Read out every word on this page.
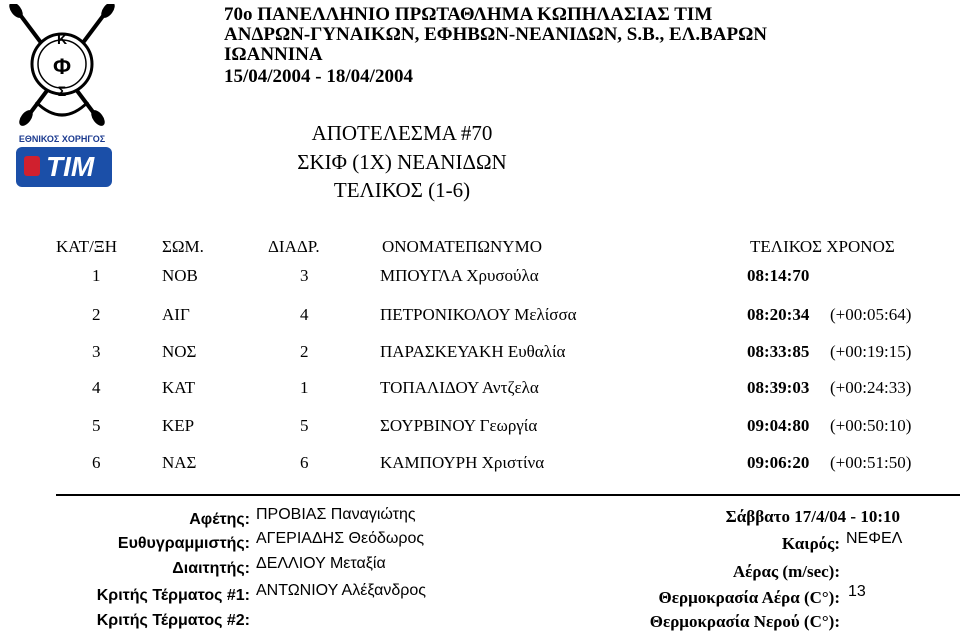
Κ
Φ
Σ
ΕΘΝΙΚΟΣ ΧΟΡΗΓΟΣ
TIM
70o ΠΑΝΕΛΛΗΝΙΟ ΠΡΩΤΑΘΛΗΜΑ ΚΩΠΗΛΑΣΙΑΣ ΤΙΜ
ΑΝΔΡΩΝ-ΓΥΝΑΙΚΩΝ, ΕΦΗΒΩΝ-ΝΕΑΝΙΔΩΝ, S.B., ΕΛ.ΒΑΡΩΝ
ΙΩΑΝΝΙΝΑ
15/04/2004 - 18/04/2004
ΑΠΟΤΕΛΕΣΜΑ #70
ΣΚΙΦ (1Χ) ΝΕΑΝΙΔΩΝ
ΤΕΛΙΚΟΣ (1-6)
ΚΑΤ/ΞΗ	ΣΩΜ.	ΔΙΑΔΡ.	ΟΝΟΜΑΤΕΠΩΝΥΜΟ	ΤΕΛΙΚΟΣ ΧΡΟΝΟΣ
1	ΝΟΒ	3	ΜΠΟΥΓΛΑ Χρυσούλα	08:14:70
2	ΑΙΓ	4	ΠΕΤΡΟΝΙΚΟΛΟΥ Μελίσσα	08:20:34 (+00:05:64)
3	ΝΟΣ	2	ΠΑΡΑΣΚΕΥΑΚΗ Ευθαλία	08:33:85 (+00:19:15)
4	ΚΑΤ	1	ΤΟΠΑΛΙΔΟΥ Αντζελα	08:39:03 (+00:24:33)
5	ΚΕΡ	5	ΣΟΥΡΒΙΝΟΥ Γεωργία	09:04:80 (+00:50:10)
6	ΝΑΣ	6	ΚΑΜΠΟΥΡΗ Χριστίνα	09:06:20 (+00:51:50)
Αφέτης: ΠΡΟΒΙΑΣ Παναγιώτης
Ευθυγραμμιστής: ΑΓΕΡΙΑΔΗΣ Θεόδωρος
Διαιτητής: ΔΕΛΛΙΟΥ Μεταξία
Κριτής Τέρματος #1: ΑΝΤΩΝΙΟΥ Αλέξανδρος
Κριτής Τέρματος #2:
Σάββατο 17/4/04 - 10:10
Καιρός: ΝΕΦΕΛ
Αέρας (m/sec):
Θερμοκρασία Αέρα (C°): 13
Θερμοκρασία Νερού (C°):
